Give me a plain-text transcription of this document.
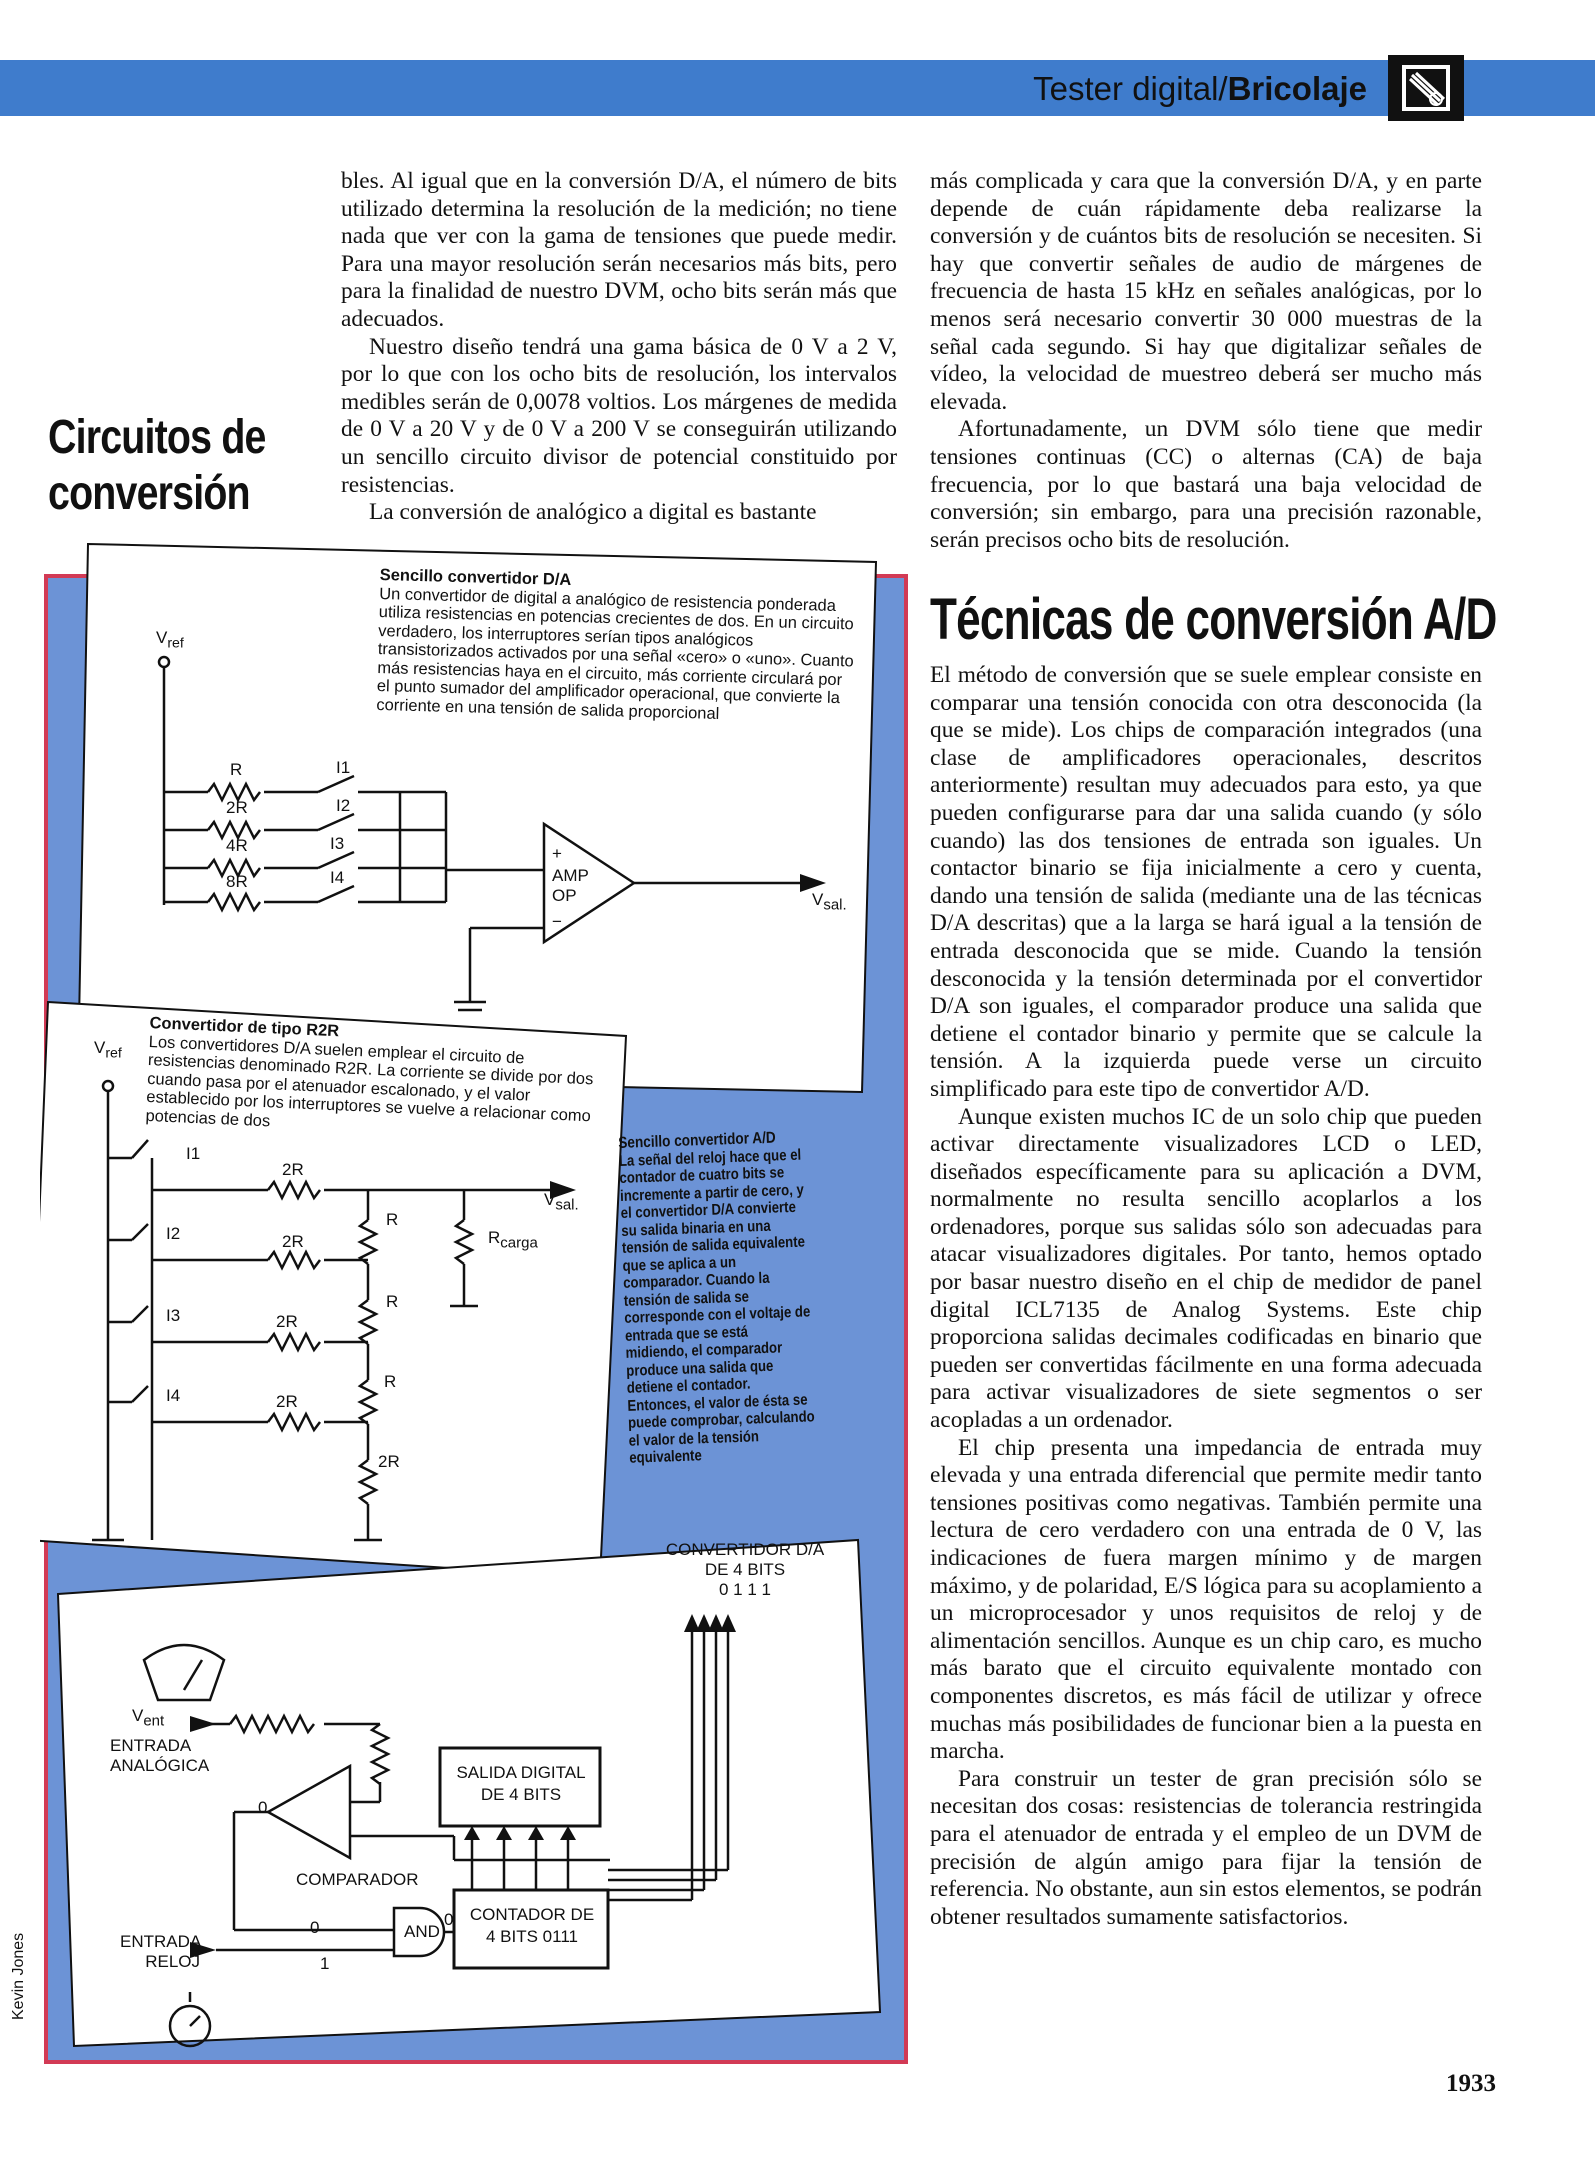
Tester digital/Bricolaje
Circuitos de
conversión

bles. Al igual que en la conversión D/A, el número de bits utilizado determina la resolución de la medición; no tiene nada que ver con la gama de tensiones que puede medir. Para una mayor resolución serán necesarios más bits, pero para la finalidad de nuestro DVM, ocho bits serán más que adecuados.

Nuestro diseño tendrá una gama básica de 0 V a 2 V, por lo que con los ocho bits de resolución, los intervalos medibles serán de 0,0078 voltios. Los márgenes de medida de 0 V a 20 V y de 0 V a 200 V se conseguirán utilizando un sencillo circuito divisor de potencial constituido por resistencias.

La conversión de analógico a digital es bastante

más complicada y cara que la conversión D/A, y en parte depende de cuán rápidamente deba realizarse la conversión y de cuántos bits de resolución se necesiten. Si hay que convertir señales de audio de márgenes de frecuencia de hasta 15 kHz en señales analógicas, por lo menos será necesario convertir 30 000 muestras de la señal cada segundo. Si hay que digitalizar señales de vídeo, la velocidad de muestreo deberá ser mucho más elevada.

Afortunadamente, un DVM sólo tiene que medir tensiones continuas (CC) o alternas (CA) de baja frecuencia, por lo que bastará una baja velocidad de conversión; sin embargo, para una precisión razonable, serán precisos ocho bits de resolución.

Técnicas de conversión A/D

El método de conversión que se suele emplear consiste en comparar una tensión conocida con otra desconocida (la que se mide). Los chips de comparación integrados (una clase de amplificadores operacionales, descritos anteriormente) resultan muy adecuados para esto, ya que pueden configurarse para dar una salida cuando (y sólo cuando) las dos tensiones de entrada son iguales. Un contactor binario se fija inicialmente a cero y cuenta, dando una tensión de salida (mediante una de las técnicas D/A descritas) que a la larga se hará igual a la tensión de entrada desconocida que se mide. Cuando la tensión desconocida y la tensión determinada por el convertidor D/A son iguales, el comparador produce una salida que detiene el contador binario y permite que se calcule la tensión. A la izquierda puede verse un circuito simplificado para este tipo de convertidor A/D.

Aunque existen muchos IC de un solo chip que pueden activar directamente visualizadores LCD o LED, diseñados específicamente para su aplicación a DVM, normalmente no resulta sencillo acoplarlos a los ordenadores, porque sus salidas sólo son adecuadas para atacar visualizadores digitales. Por tanto, hemos optado por basar nuestro diseño en el chip de medidor de panel digital ICL7135 de Analog Systems. Este chip proporciona salidas decimales codificadas en binario que pueden ser convertidas fácilmente en una forma adecuada para activar visualizadores de siete segmentos o ser acopladas a un ordenador.

El chip presenta una impedancia de entrada muy elevada y una entrada diferencial que permite medir tanto tensiones positivas como negativas. También permite una lectura de cero verdadero con una entrada de 0 V, las indicaciones de fuera margen mínimo y de margen máximo, y de polaridad, E/S lógica para su acoplamiento a un microprocesador y unos requisitos de reloj y de alimentación sencillos. Aunque es un chip caro, es mucho más barato que el circuito equivalente montado con componentes discretos, es más fácil de utilizar y ofrece muchas más posibilidades de funcionar bien a la puesta en marcha.

Para construir un tester de gran precisión sólo se necesitan dos cosas: resistencias de tolerancia restringida para el atenuador de entrada y el empleo de un DVM de precisión de algún amigo para fijar la tensión de referencia. No obstante, aun sin estos elementos, se podrán obtener resultados sumamente satisfactorios.

Sencillo convertidor D/A
Un convertidor de digital a analógico de resistencia ponderada utiliza resistencias en potencias crecientes de dos. En un circuito verdadero, los interruptores serían tipos analógicos transistorizados activados por una señal «cero» o «uno». Cuanto más resistencias haya en el circuito, más corriente circulará por el punto sumador del amplificador operacional, que convierte la corriente en una tensión de salida proporcional
Convertidor de tipo R2R
Los convertidores D/A suelen emplear el circuito de resistencias denominado R2R. La corriente se divide por dos cuando pasa por el atenuador escalonado, y el valor establecido por los interruptores se vuelve a relacionar como potencias de dos
Sencillo convertidor A/D
La señal del reloj hace que el contador de cuatro bits se incremente a partir de cero, y el convertidor D/A convierte su salida binaria en una tensión de salida equivalente que se aplica a un comparador. Cuando la tensión de salida se corresponde con el voltaje de entrada que se está midiendo, el comparador produce una salida que detiene el contador. Entonces, el valor de ésta se puede comprobar, calculando el valor de la tensión equivalente
$V_{ref}$
R
2R
4R
8R
I1
I2
I3
I4
+
AMP
OP
−
$V_{sal.}$
$V_{ref}$
I1
I2
I3
I4
2R
2R
2R
2R
R
R
R
2R
$V_{sal.}$
$R_{carga}$
CONVERTIDOR D/A
DE 4 BITS
0 1 1 1
$V_{ent}$
ENTRADA
ANALÓGICA
0
COMPARADOR
SALIDA DIGITAL
DE 4 BITS
0
1
AND
0 CONTADOR DE
4 BITS 0111
ENTRADA
RELOJ
Kevin Jones
1933
